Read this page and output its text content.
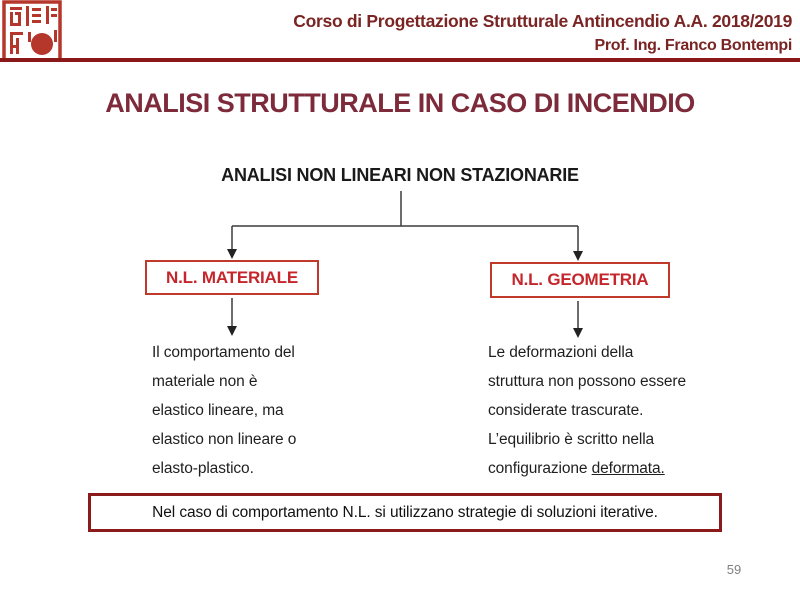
Corso di Progettazione Strutturale Antincendio A.A. 2018/2019
Prof. Ing. Franco Bontempi
ANALISI STRUTTURALE IN CASO DI INCENDIO
ANALISI NON LINEARI NON STAZIONARIE
N.L. MATERIALE	N.L. GEOMETRIA
Il comportamento del
materiale non è
elastico lineare, ma
elastico non lineare o
elasto-plastico.
Le deformazioni della
struttura non possono essere
considerate trascurate.
L’equilibrio è scritto nella
configurazione deformata.
Nel caso di comportamento N.L. si utilizzano strategie di soluzioni iterative.
59
